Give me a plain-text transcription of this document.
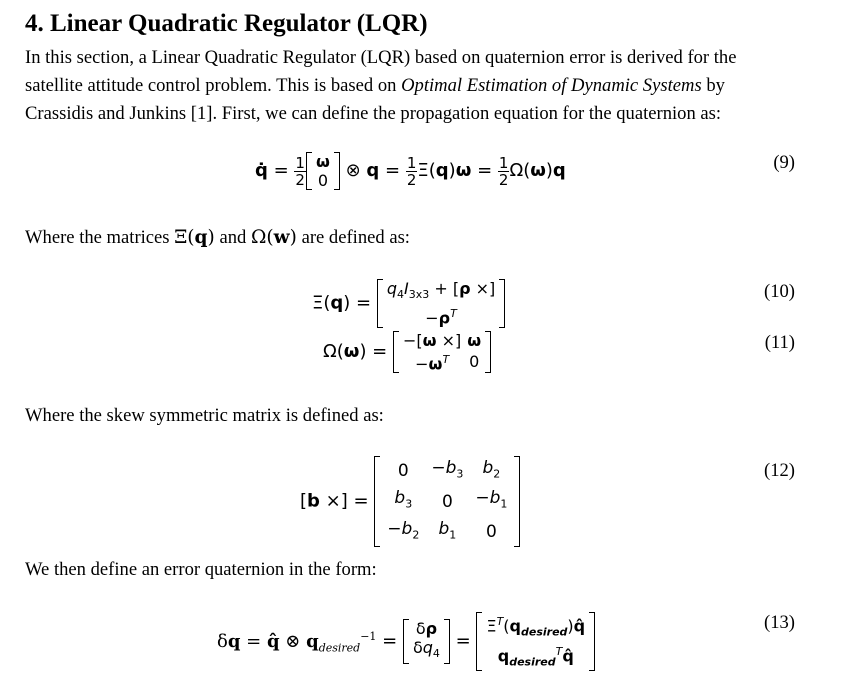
4. Linear Quadratic Regulator (LQR)
In this section, a Linear Quadratic Regulator (LQR) based on quaternion error is derived for the
satellite attitude control problem. This is based on Optimal Estimation of Dynamic Systems by
Crassidis and Junkins [1]. First, we can define the propagation equation for the quaternion as:
q̇ = $\frac{1}{2}$ ω
0 ⊗ $q = \frac{1}{2} \Xi(q)\omega = \frac{1}{2} \Omega(\omega)q$	(9)
Where the matrices Ξ(q) and Ω(w) are defined as:
Ξ(q) =
$q_4I_{3x3} + [\rho$ ×]
$-\rho^T$
(10)
Ω(ω) =
−[ω ×]	ω
$-\omega^T$	0
(11)
Where the skew symmetric matrix is defined as:
[b ×] =
0	$-b_3$	$b_2$
$b_3$	0	$-b_1$
$-b_2$	$b_1$	0
(12)
We then define an error quaternion in the form:
δq = q̂ ⊗ $q_{desired}^{-1}$ =
δρ
$\delta q_4$
=
$\Xi^T(q_{desired})q̂$
$q_{desired}^Tq̂$
(13)
